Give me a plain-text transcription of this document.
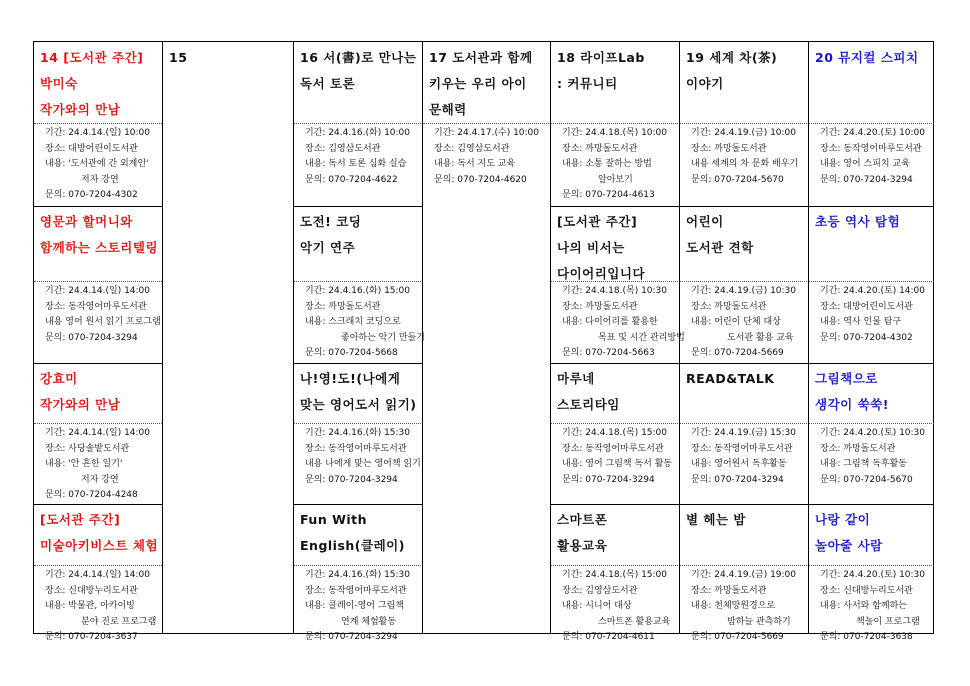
14 [도서관 주간]
박미숙
작가와의 만남
기간: 24.4.14.(일) 10:00
장소: 대방어린이도서관
내용: '도서관에 간 외계인'
저자 강연
문의: 070-7204-4302
영문과 할머니와
함께하는 스토리텔링
기간: 24.4.14.(일) 14:00
장소: 동작영어마루도서관
내용 영어 원서 읽기 프로그램
문의: 070-7204-3294
강효미
작가와의 만남
기간: 24.4.14.(일) 14:00
장소: 사당솔밭도서관
내용: '안 흔한 일기'
저자 강연
문의: 070-7204-4248
[도서관 주간]
미술아키비스트 체험
기간: 24.4.14.(일) 14:00
장소: 신대방누리도서관
내용: 박물관, 아카이빙
분야 진로 프로그램
문의: 070-7204-3637
15	16 서(書)로 만나는
독서 토론
기간: 24.4.16.(화) 10:00
장소: 김영삼도서관
내용: 독서 토론 심화 실습
문의: 070-7204-4622
도전! 코딩
악기 연주
기간: 24.4.16.(화) 15:00
장소: 까망돌도서관
내용: 스크래치 코딩으로
좋아하는 악기 만들기
문의: 070-7204-5668
나!영!도!(나에게
맞는 영어도서 읽기)
기간: 24.4.16.(화) 15:30
장소: 동작영어마루도서관
내용 나에게 맞는 영어책 읽기
문의: 070-7204-3294
Fun With
English(클레이)
기간: 24.4.16.(화) 15:30
장소: 동작영어마루도서관
내용: 클레이-영어 그림책
연계 체험활동
문의: 070-7204-3294
17 도서관과 함께
키우는 우리 아이
문해력
기간: 24.4.17.(수) 10:00
장소: 김영삼도서관
내용: 독서 지도 교육
문의: 070-7204-4620
18 라이프Lab
: 커뮤니티
기간: 24.4.18.(목) 10:00
장소: 까망돌도서관
내용: 소통 잘하는 방법
알아보기
문의: 070-7204-4613
[도서관 주간]
나의 비서는
다이어리입니다
기간: 24.4.18.(목) 10:30
장소: 까망돌도서관
내용: 다이어리를 활용한
목표 및 시간 관리방법
문의: 070-7204-5663
마루네
스토리타임
기간: 24.4.18.(목) 15:00
장소: 동작영어마루도서관
내용: 영어 그림책 독서 활동
문의: 070-7204-3294
스마트폰
활용교육
기간: 24.4.18.(목) 15:00
장소: 김영삼도서관
내용: 시니어 대상
스마트폰 활용교육
문의: 070-7204-4611
19 세계 차(茶)
이야기
기간: 24.4.19.(금) 10:00
장소: 까망돌도서관
내용 세계의 차 문화 배우기
문의: 070-7204-5670
어린이
도서관 견학
기간: 24.4.19.(금) 10:30
장소: 까망돌도서관
내용: 어린이 단체 대상
도서관 활용 교육
문의: 070-7204-5669
READ&TALK
기간: 24.4.19.(금) 15:30
장소: 동작영어마루도서관
내용: 영어원서 독후활동
문의: 070-7204-3294
별 헤는 밤
기간: 24.4.19.(금) 19:00
장소: 까망돌도서관
내용: 천체망원경으로
밤하늘 관측하기
문의: 070-7204-5669
20 뮤지컬 스피치
기간: 24.4.20.(토) 10:00
장소: 동작영어마루도서관
내용: 영어 스피치 교육
문의: 070-7204-3294
초등 역사 탐험
기간: 24.4.20.(토) 14:00
장소: 대방어린이도서관
내용: 역사 인물 탐구
문의: 070-7204-4302
그림책으로
생각이 쑥쑥!
기간: 24.4.20.(토) 10:30
장소: 까망돌도서관
내용: 그림책 독후활동
문의: 070-7204-5670
나랑 같이
놀아줄 사람
기간: 24.4.20.(토) 10:30
장소: 신대방누리도서관
내용: 사서와 함께하는
책놀이 프로그램
문의: 070-7204-3638
